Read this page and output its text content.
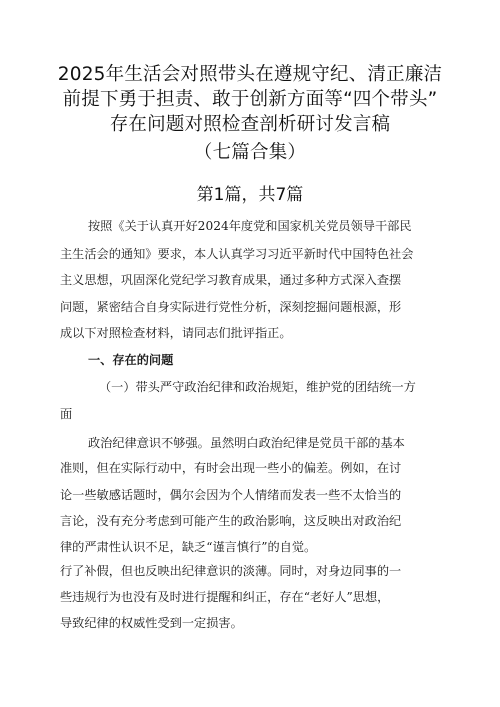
2025年生活会对照带头在遵规守纪、清正廉洁
前提下勇于担责、敢于创新方面等“四个带头”
存在问题对照检查剖析研讨发言稿
（七篇合集）
第1篇，共7篇
按照《关于认真开好2024年度党和国家机关党员领导干部民
主生活会的通知》要求，本人认真学习习近平新时代中国特色社会
主义思想，巩固深化党纪学习教育成果，通过多种方式深入查摆
问题，紧密结合自身实际进行党性分析，深刻挖掘问题根源，形
成以下对照检查材料，请同志们批评指正。
一、存在的问题
（一）带头严守政治纪律和政治规矩，维护党的团结统一方
面
政治纪律意识不够强。虽然明白政治纪律是党员干部的基本
准则，但在实际行动中，有时会出现一些小的偏差。例如，在讨
论一些敏感话题时，偶尔会因为个人情绪而发表一些不太恰当的
言论，没有充分考虑到可能产生的政治影响，这反映出对政治纪
律的严肃性认识不足，缺乏“谨言慎行”的自觉。
行了补假，但也反映出纪律意识的淡薄。同时，对身边同事的一
些违规行为也没有及时进行提醒和纠正，存在“老好人”思想，
导致纪律的权威性受到一定损害。
